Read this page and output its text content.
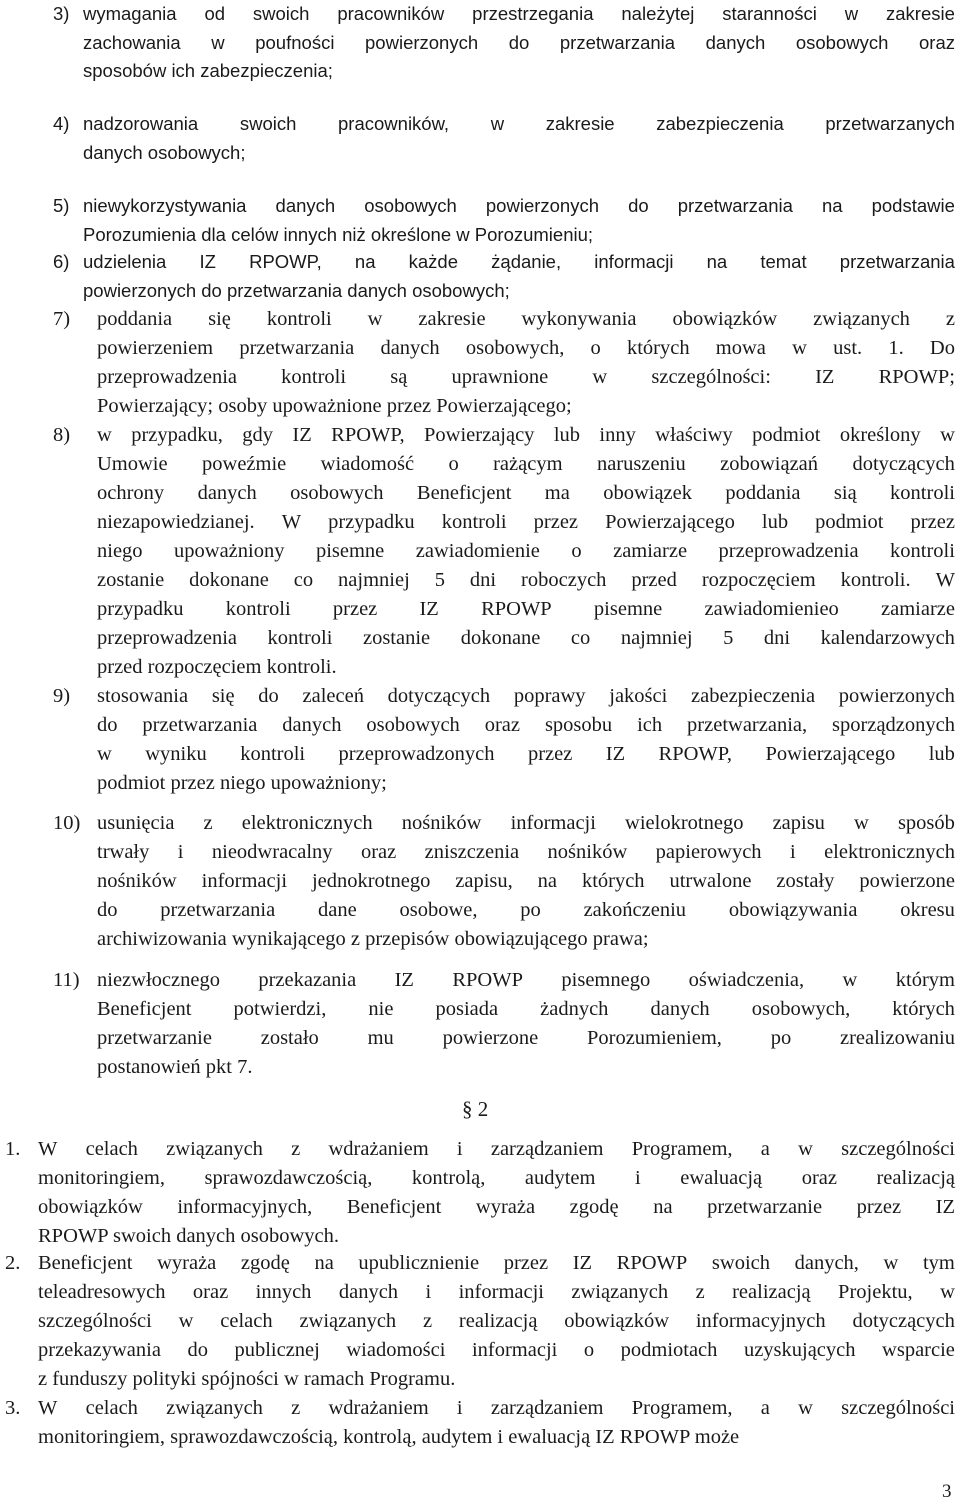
3) wymagania od swoich pracowników przestrzegania należytej staranności w zakresie
zachowania w poufności powierzonych do przetwarzania danych osobowych oraz
sposobów ich zabezpieczenia;
4) nadzorowania swoich pracowników, w zakresie zabezpieczenia przetwarzanych
danych osobowych;
5) niewykorzystywania danych osobowych powierzonych do przetwarzania na podstawie
Porozumienia dla celów innych niż określone w Porozumieniu;
6) udzielenia IZ RPOWP, na każde żądanie, informacji na temat przetwarzania
powierzonych do przetwarzania danych osobowych;
7) poddania się kontroli w zakresie wykonywania obowiązków związanych z
powierzeniem przetwarzania danych osobowych, o których mowa w ust. 1. Do
przeprowadzenia kontroli są uprawnione w szczególności: IZ RPOWP;
Powierzający; osoby upoważnione przez Powierzającego;
8) w przypadku, gdy IZ RPOWP, Powierzający lub inny właściwy podmiot określony w
Umowie poweźmie wiadomość o rażącym naruszeniu zobowiązań dotyczących
ochrony danych osobowych Beneficjent ma obowiązek poddania sią kontroli
niezapowiedzianej. W przypadku kontroli przez Powierzającego lub podmiot przez
niego upoważniony pisemne zawiadomienie o zamiarze przeprowadzenia kontroli
zostanie dokonane co najmniej 5 dni roboczych przed rozpoczęciem kontroli. W
przypadku kontroli przez IZ RPOWP pisemne zawiadomienieo zamiarze
przeprowadzenia kontroli zostanie dokonane co najmniej 5 dni kalendarzowych
przed rozpoczęciem kontroli.
9) stosowania się do zaleceń dotyczących poprawy jakości zabezpieczenia powierzonych
do przetwarzania danych osobowych oraz sposobu ich przetwarzania, sporządzonych
w wyniku kontroli przeprowadzonych przez IZ RPOWP, Powierzającego lub
podmiot przez niego upoważniony;
10) usunięcia z elektronicznych nośników informacji wielokrotnego zapisu w sposób
trwały i nieodwracalny oraz zniszczenia nośników papierowych i elektronicznych
nośników informacji jednokrotnego zapisu, na których utrwalone zostały powierzone
do przetwarzania dane osobowe, po zakończeniu obowiązywania okresu
archiwizowania wynikającego z przepisów obowiązującego prawa;
11) niezwłocznego przekazania IZ RPOWP pisemnego oświadczenia, w którym
Beneficjent potwierdzi, nie posiada żadnych danych osobowych, których
przetwarzanie zostało mu powierzone Porozumieniem, po zrealizowaniu
postanowień pkt 7.
1. W celach związanych z wdrażaniem i zarządzaniem Programem, a w szczególności
monitoringiem, sprawozdawczością, kontrolą, audytem i ewaluacją oraz realizacją
obowiązków informacyjnych, Beneficjent wyraża zgodę na przetwarzanie przez IZ
RPOWP swoich danych osobowych.
2. Beneficjent wyraża zgodę na upublicznienie przez IZ RPOWP swoich danych, w tym
teleadresowych oraz innych danych i informacji związanych z realizacją Projektu, w
szczególności w celach związanych z realizacją obowiązków informacyjnych dotyczących
przekazywania do publicznej wiadomości informacji o podmiotach uzyskujących wsparcie
z funduszy polityki spójności w ramach Programu.
3. W celach związanych z wdrażaniem i zarządzaniem Programem, a w szczególności
monitoringiem, sprawozdawczością, kontrolą, audytem i ewaluacją IZ RPOWP może
§ 2
3
